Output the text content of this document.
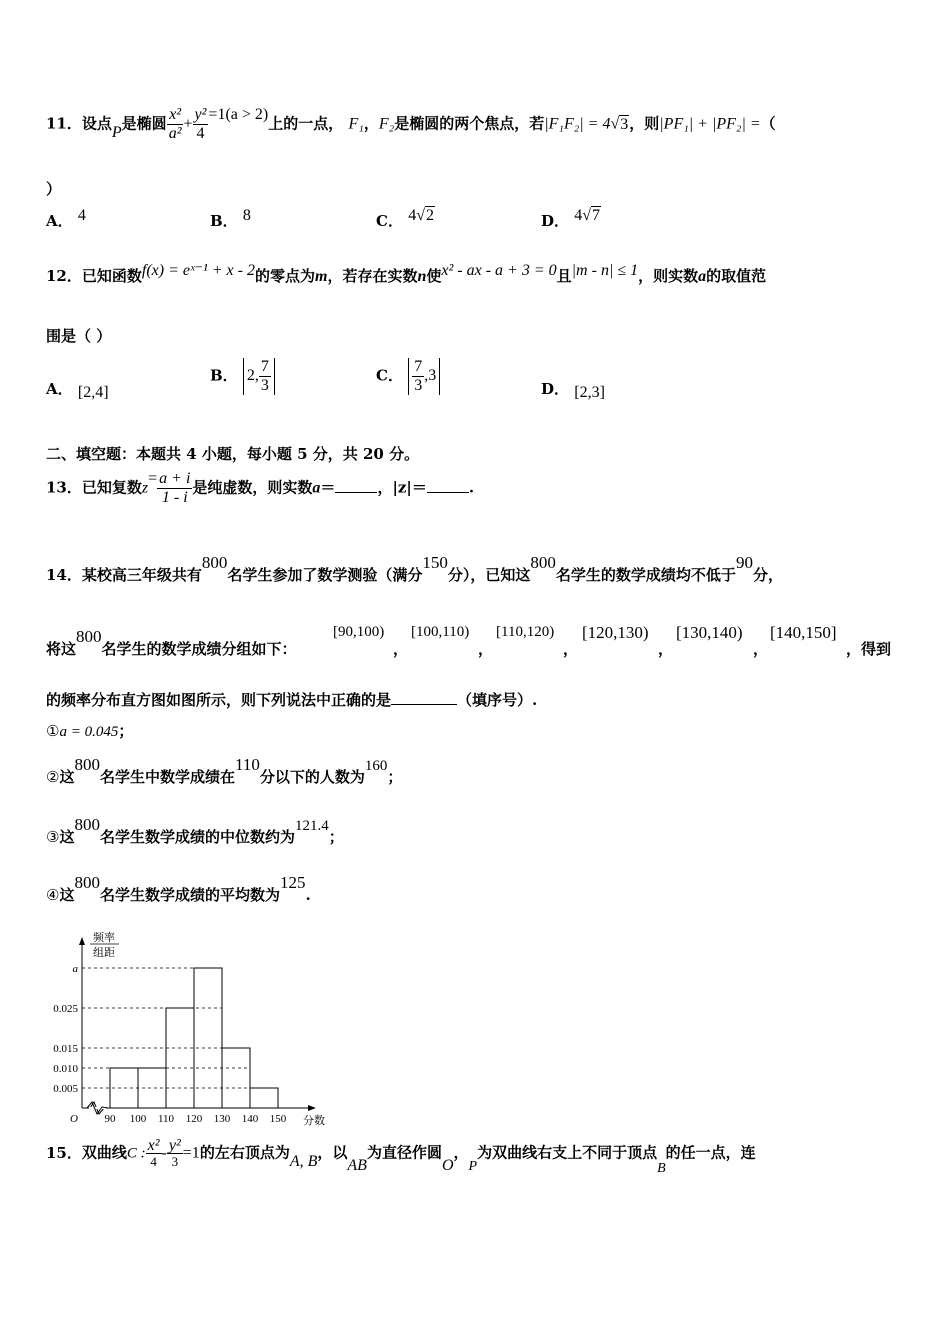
11．设点P是椭圆 $\frac{\text{x²}}{\text{a²}} + \frac{\text{y²}}{4} =1(a > 2)$上的一点， F₁，F₂是椭圆的两个焦点，若|F₁F₂| = 4√3，则|PF₁| + |PF₂| =（
）
A． 4	B． 8	C． 4√2	D． 4√7
12．已知函数f(x) = eˣ⁻¹ + x - 2的零点为m，若存在实数n使x² - ax - a + 3 = 0且|m - n| ≤ 1，则实数a的取值范
围是（ ）
A． [2,4]
B． 2, $\frac{7}{3}$	C． $\frac{7}{3} ,3$
D． [2,3]
二、填空题：本题共 4 小题，每小题 5 分，共 20 分。
13．已知复数$z= \frac{a + i}{1 - i}$ 是纯虚数，则实数a＝	，|z|＝	.
14．某校高三年级共有800名学生参加了数学测验（满分150分），已知这800名学生的数学成绩均不低于90分，
将这800名学生的数学成绩分组如下：
[90,100)
，
[100,110)
，
[110,120)
，
[120,130)
，
[130,140)
，
[140,150]
，得到
的频率分布直方图如图所示，则下列说法中正确的是	（填序号）.
①a = 0.045；
②这800名学生中数学成绩在110分以下的人数为160；
③这800名学生数学成绩的中位数约为121.4；
④这800名学生数学成绩的平均数为125.
0.005
0.010
0.015
0.025
a
90 100 110 120 130 140 150
O	分数
频率
组距
15．双曲线C : $\frac{\text{x²}}{4} - \frac{\text{y²}}{3} =1$的左右顶点为A, B，以AB为直径作圆O，P为双曲线右支上不同于顶点B的任一点，连
